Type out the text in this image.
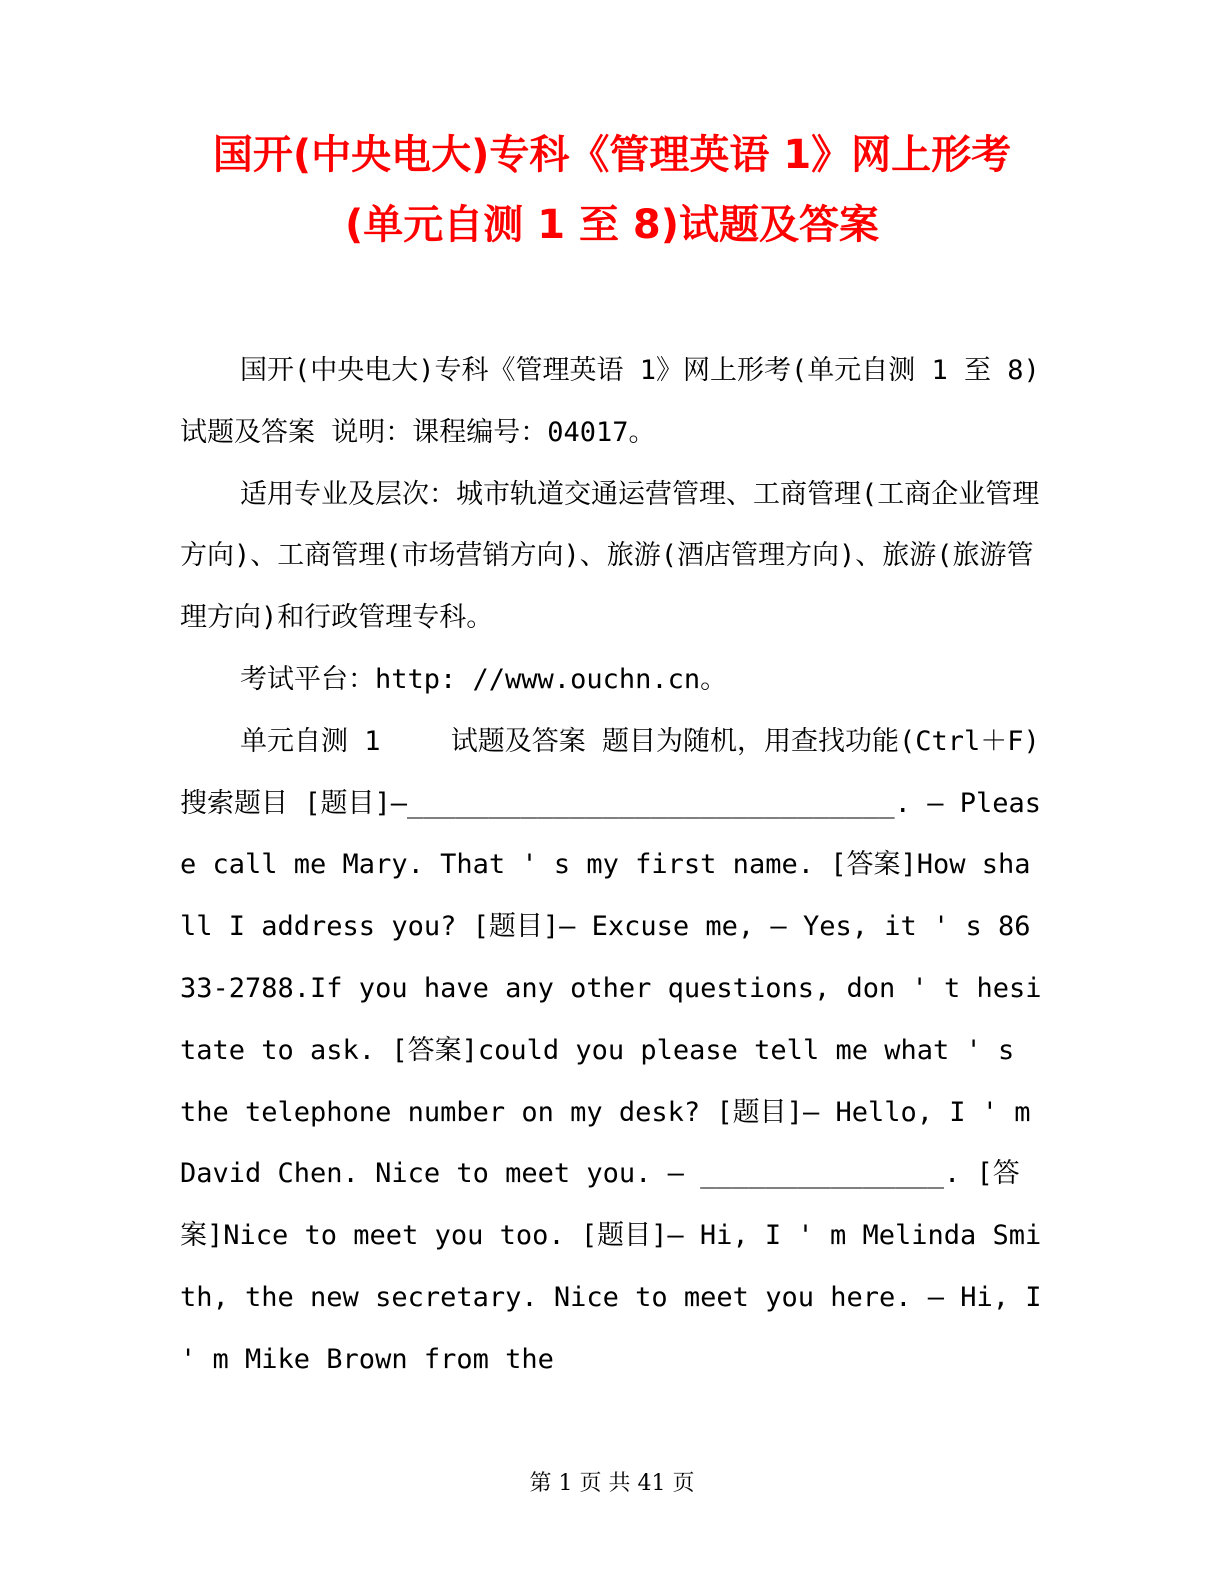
国开(中央电大)专科《管理英语 1》网上形考
(单元自测 1 至 8)试题及答案

国开(中央电大)专科《管理英语 1》网上形考(单元自测 1 至 8)试题及答案 说明：课程编号：04017。

适用专业及层次：城市轨道交通运营管理、工商管理(工商企业管理方向)、工商管理(市场营销方向)、旅游(酒店管理方向)、旅游(旅游管理方向)和行政管理专科。

考试平台：http: //www.ouchn.cn。

单元自测 1　　 试题及答案 题目为随机，用查找功能(Ctrl＋F)搜索题目 [题目]—______________________________. — Please call me Mary. That ' s my first name. [答案]How shall I address you? [题目]— Excuse me, — Yes, it ' s 8633-2788.If you have any other questions, don ' t hesitate to ask. [答案]could you please tell me what ' s the telephone number on my desk? [题目]— Hello, I ' m David Chen. Nice to meet you. — _______________. [答案]Nice to meet you too. [题目]— Hi, I ' m Melinda Smith, the new secretary. Nice to meet you here. — Hi, I ' m Mike Brown from the

第 1 页 共 41 页
